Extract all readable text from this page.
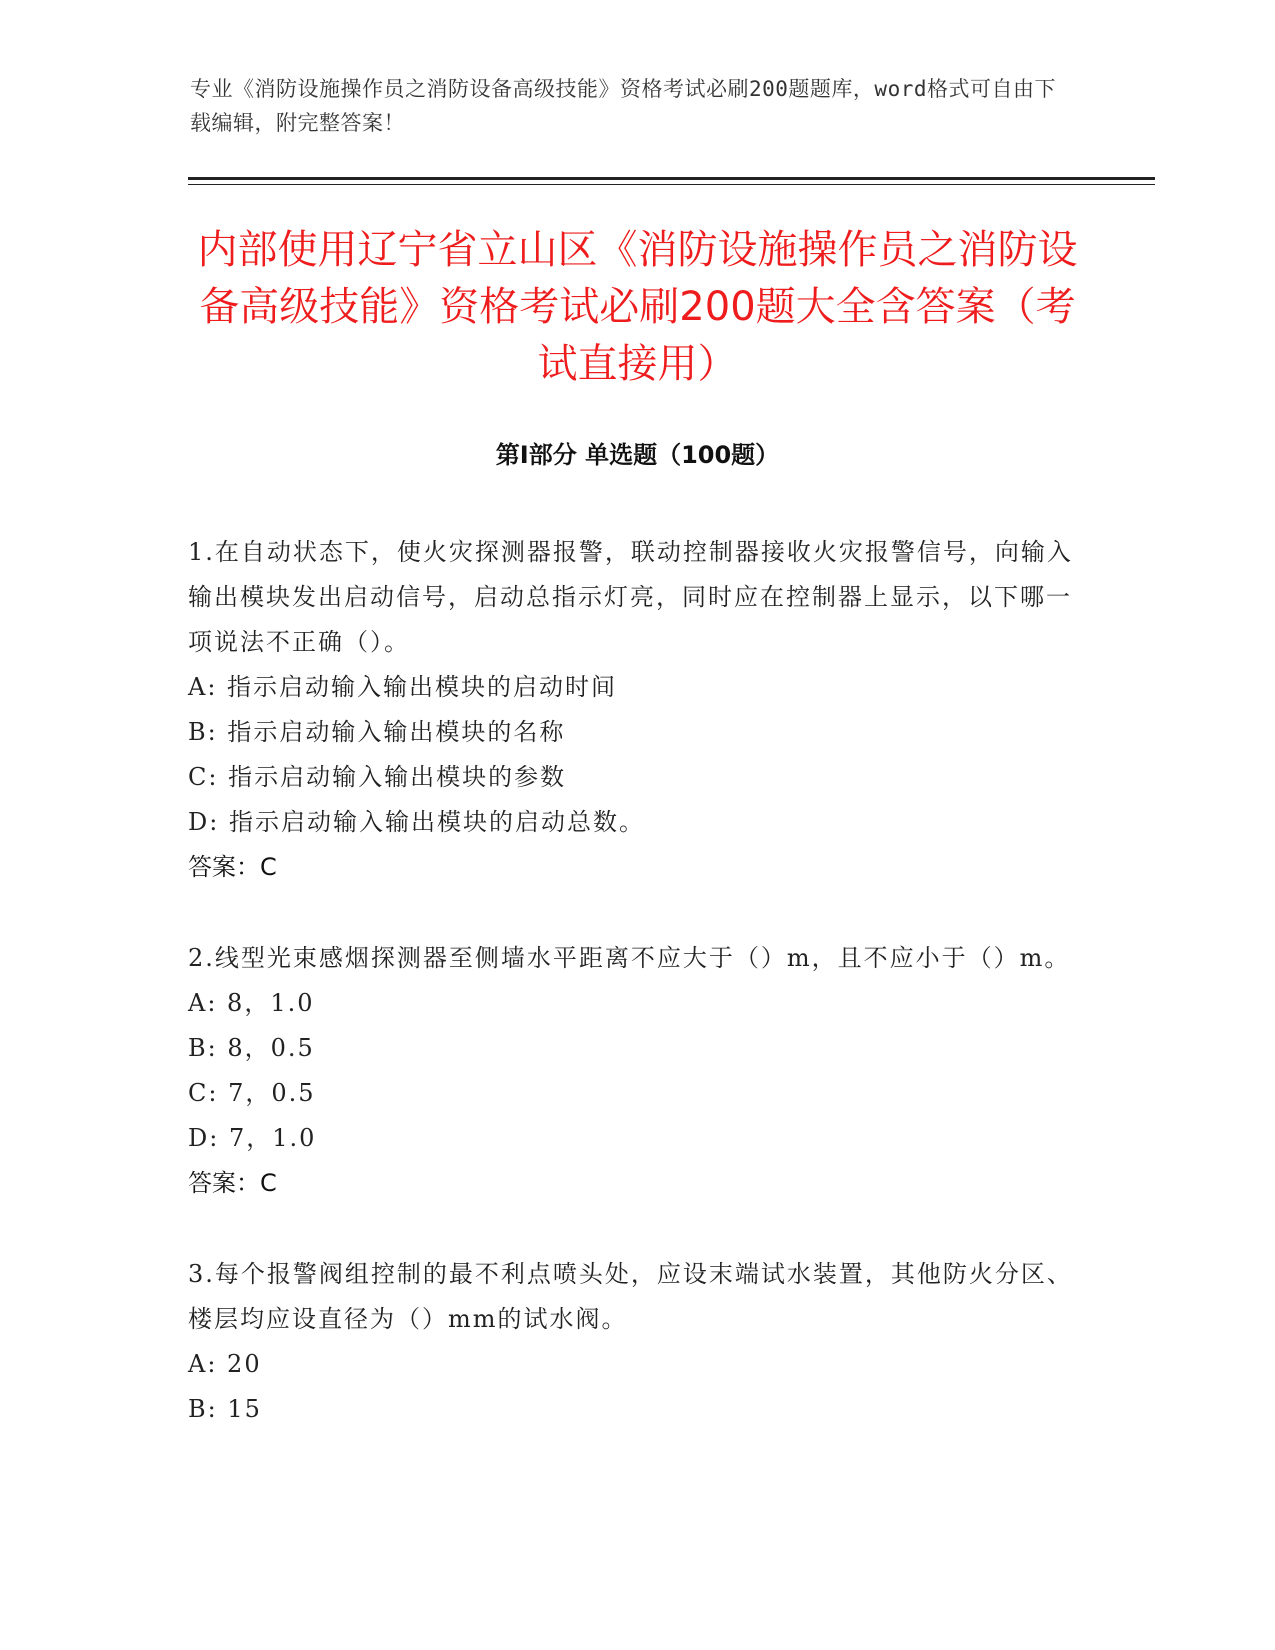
专业《消防设施操作员之消防设备高级技能》资格考试必刷200题题库，word格式可自由下载编辑，附完整答案！
内部使用辽宁省立山区《消防设施操作员之消防设备高级技能》资格考试必刷200题大全含答案（考试直接用）
第I部分 单选题（100题）

1.在自动状态下，使火灾探测器报警，联动控制器接收火灾报警信号，向输入输出模块发出启动信号，启动总指示灯亮，同时应在控制器上显示，以下哪一项说法不正确（）。

A: 指示启动输入输出模块的启动时间

B: 指示启动输入输出模块的名称

C: 指示启动输入输出模块的参数

D: 指示启动输入输出模块的启动总数。

答案：C

2.线型光束感烟探测器至侧墙水平距离不应大于（）m，且不应小于（）m。

A: 8，1.0

B: 8，0.5

C: 7，0.5

D: 7，1.0

答案：C

3.每个报警阀组控制的最不利点喷头处，应设末端试水装置，其他防火分区、楼层均应设直径为（）mm的试水阀。

A: 20

B: 15
